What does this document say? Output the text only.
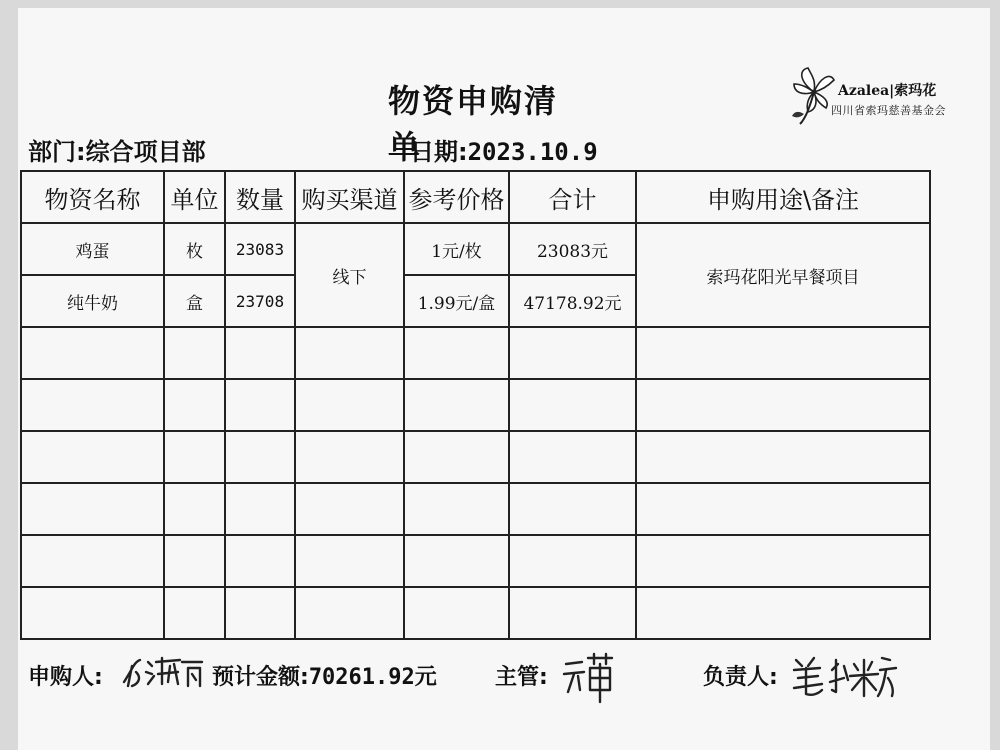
物资申购清单
Azalea|索玛花
四川省索玛慈善基金会
部门:综合项目部	日期:2023.10.9
物资名称	单位	数量	购买渠道	参考价格	合计	申购用途\备注
鸡蛋	枚	23083	线下	1元/枚	23083元	索玛花阳光早餐项目
纯牛奶	盒	23708		1.99元/盒	47178.92元	

申购人:	预计金额:70261.92元	主管:	负责人:
